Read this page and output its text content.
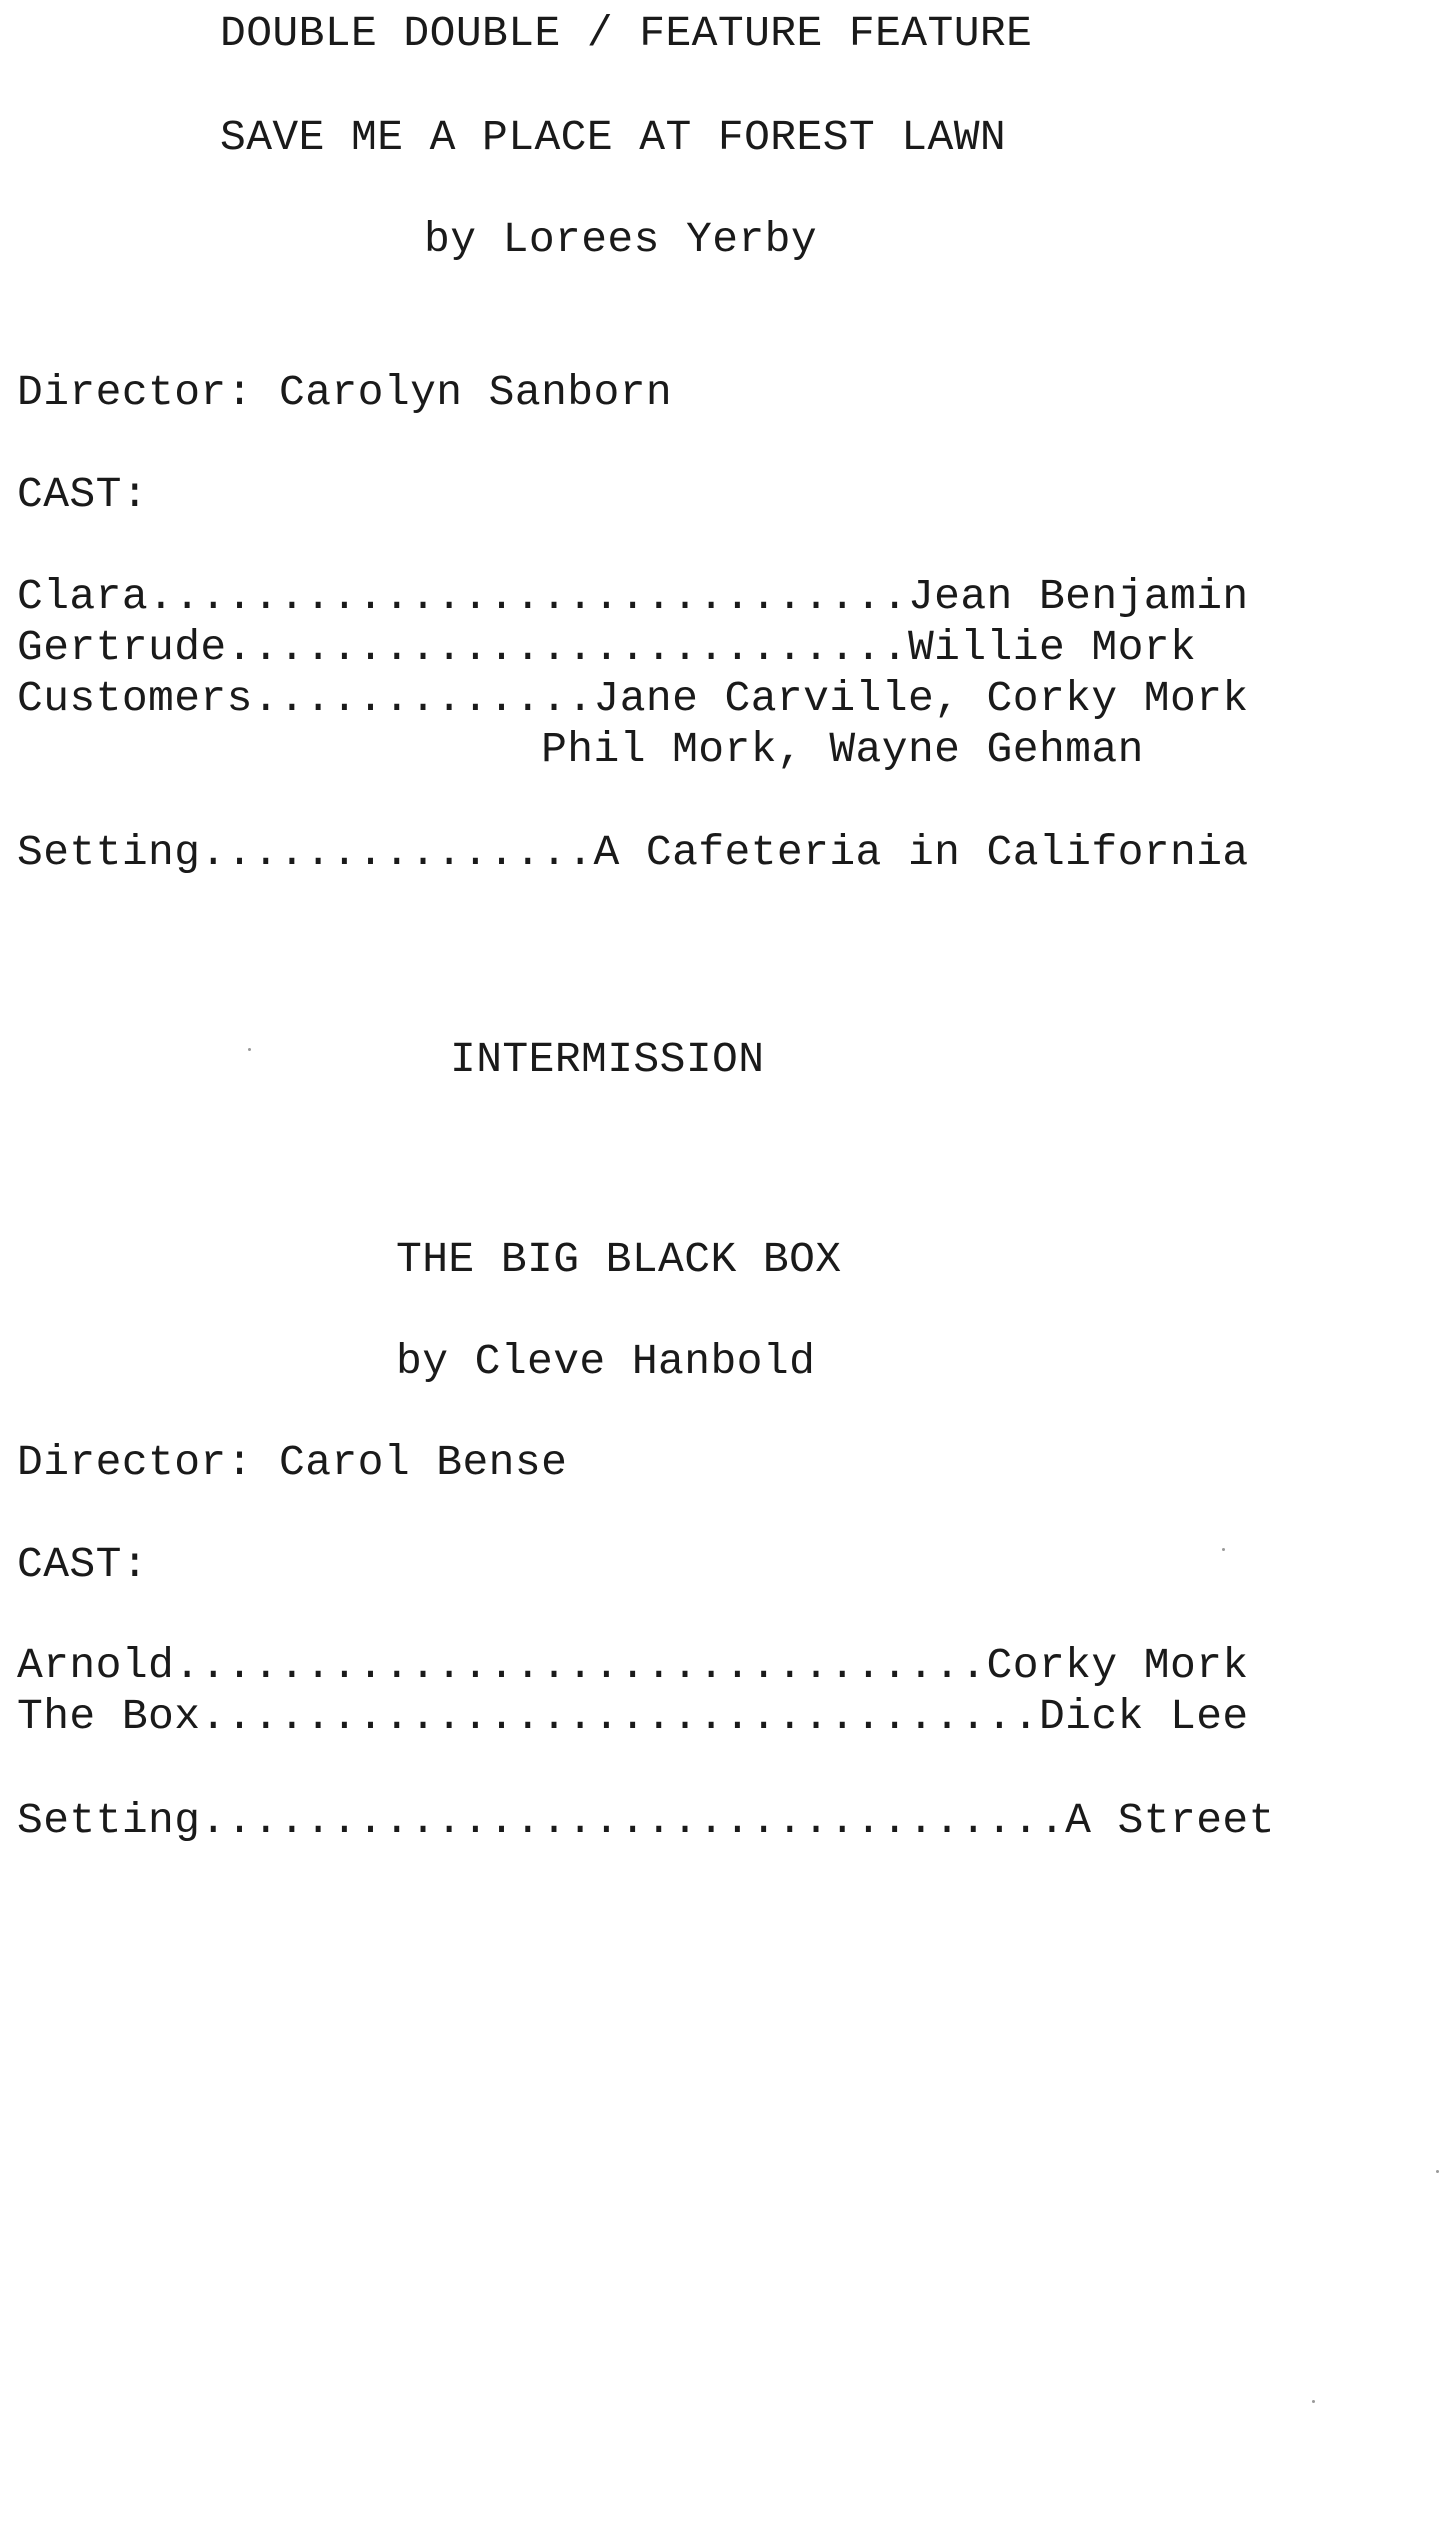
DOUBLE DOUBLE / FEATURE FEATURE
SAVE ME A PLACE AT FOREST LAWN
by Lorees Yerby
Director: Carolyn Sanborn
CAST:
Clara.............................Jean Benjamin
Gertrude..........................Willie Mork
Customers.............Jane Carville, Corky Mork
Phil Mork, Wayne Gehman
Setting...............A Cafeteria in California
INTERMISSION
THE BIG BLACK BOX
by Cleve Hanbold
Director: Carol Bense
CAST:
Arnold...............................Corky Mork
The Box................................Dick Lee
Setting.................................A Street
